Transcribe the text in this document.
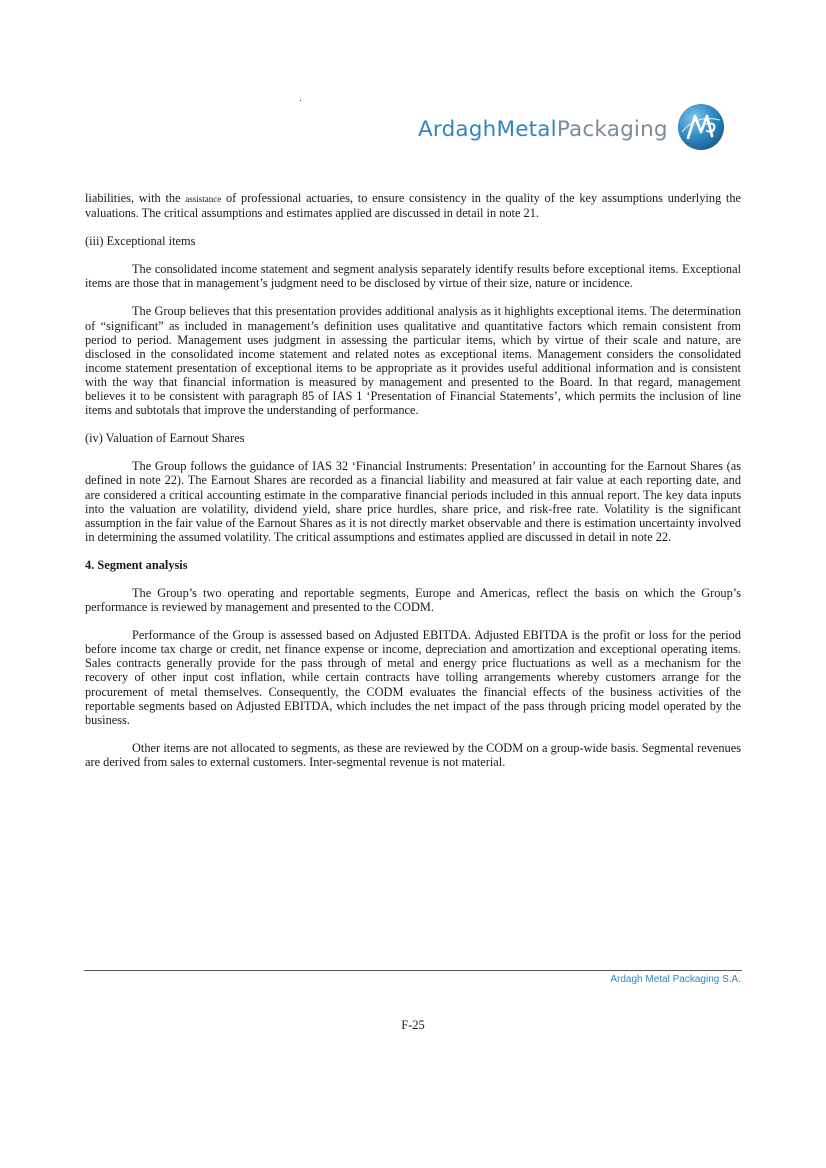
ArdaghMetalPackaging

liabilities, with the assistance of professional actuaries, to ensure consistency in the quality of the key assumptions underlying the valuations. The critical assumptions and estimates applied are discussed in detail in note 21.

(iii) Exceptional items

The consolidated income statement and segment analysis separately identify results before exceptional items. Exceptional items are those that in management’s judgment need to be disclosed by virtue of their size, nature or incidence.

The Group believes that this presentation provides additional analysis as it highlights exceptional items. The determination of “significant” as included in management’s definition uses qualitative and quantitative factors which remain consistent from period to period. Management uses judgment in assessing the particular items, which by virtue of their scale and nature, are disclosed in the consolidated income statement and related notes as exceptional items. Management considers the consolidated income statement presentation of exceptional items to be appropriate as it provides useful additional information and is consistent with the way that financial information is measured by management and presented to the Board. In that regard, management believes it to be consistent with paragraph 85 of IAS 1 ‘Presentation of Financial Statements’, which permits the inclusion of line items and subtotals that improve the understanding of performance.

(iv) Valuation of Earnout Shares

The Group follows the guidance of IAS 32 ‘Financial Instruments: Presentation’ in accounting for the Earnout Shares (as defined in note 22). The Earnout Shares are recorded as a financial liability and measured at fair value at each reporting date, and are considered a critical accounting estimate in the comparative financial periods included in this annual report. The key data inputs into the valuation are volatility, dividend yield, share price hurdles, share price, and risk-free rate. Volatility is the significant assumption in the fair value of the Earnout Shares as it is not directly market observable and there is estimation uncertainty involved in determining the assumed volatility. The critical assumptions and estimates applied are discussed in detail in note 22.

4. Segment analysis

The Group’s two operating and reportable segments, Europe and Americas, reflect the basis on which the Group’s performance is reviewed by management and presented to the CODM.

Performance of the Group is assessed based on Adjusted EBITDA. Adjusted EBITDA is the profit or loss for the period before income tax charge or credit, net finance expense or income, depreciation and amortization and exceptional operating items. Sales contracts generally provide for the pass through of metal and energy price fluctuations as well as a mechanism for the recovery of other input cost inflation, while certain contracts have tolling arrangements whereby customers arrange for the procurement of metal themselves. Consequently, the CODM evaluates the financial effects of the business activities of the reportable segments based on Adjusted EBITDA, which includes the net impact of the pass through pricing model operated by the business.

Other items are not allocated to segments, as these are reviewed by the CODM on a group-wide basis. Segmental revenues are derived from sales to external customers. Inter-segmental revenue is not material.

Ardagh Metal Packaging S.A.
F-25
